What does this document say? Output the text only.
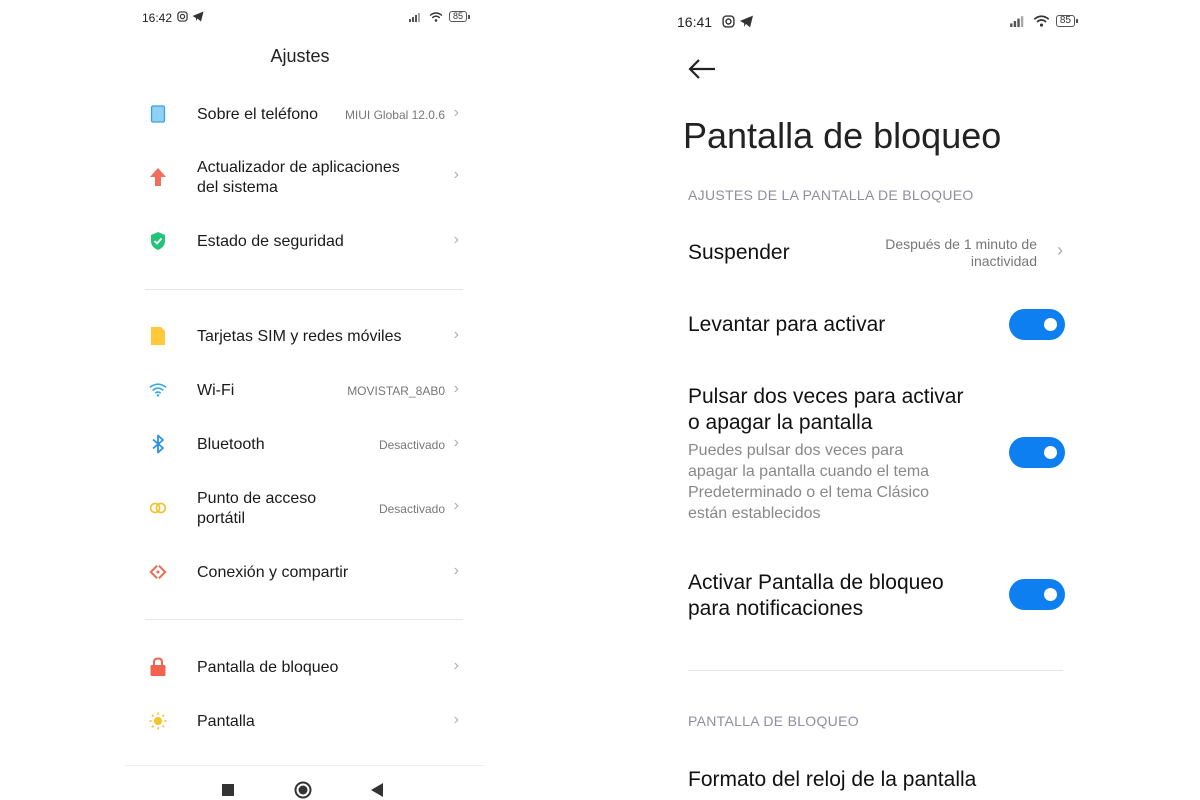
16:42	85
Ajustes
Sobre el teléfono MIUI Global 12.0.6 ›
Actualizador de aplicaciones
del sistema
›
Estado de seguridad	›
Tarjetas SIM y redes móviles	›
Wi-Fi	MOVISTAR_8AB0 ›
Bluetooth	Desactivado ›
Punto de acceso
portátil
Desactivado ›
Conexión y compartir	›
Pantalla de bloqueo	›
Pantalla	›
16:41	85
Pantalla de bloqueo
AJUSTES DE LA PANTALLA DE BLOQUEO
Suspender	Después de 1 minuto de
inactividad
›
Levantar para activar
Pulsar dos veces para activar
o apagar la pantalla
Puedes pulsar dos veces para
apagar la pantalla cuando el tema
Predeterminado o el tema Clásico
están establecidos
Activar Pantalla de bloqueo
para notificaciones
PANTALLA DE BLOQUEO
Formato del reloj de la pantalla
